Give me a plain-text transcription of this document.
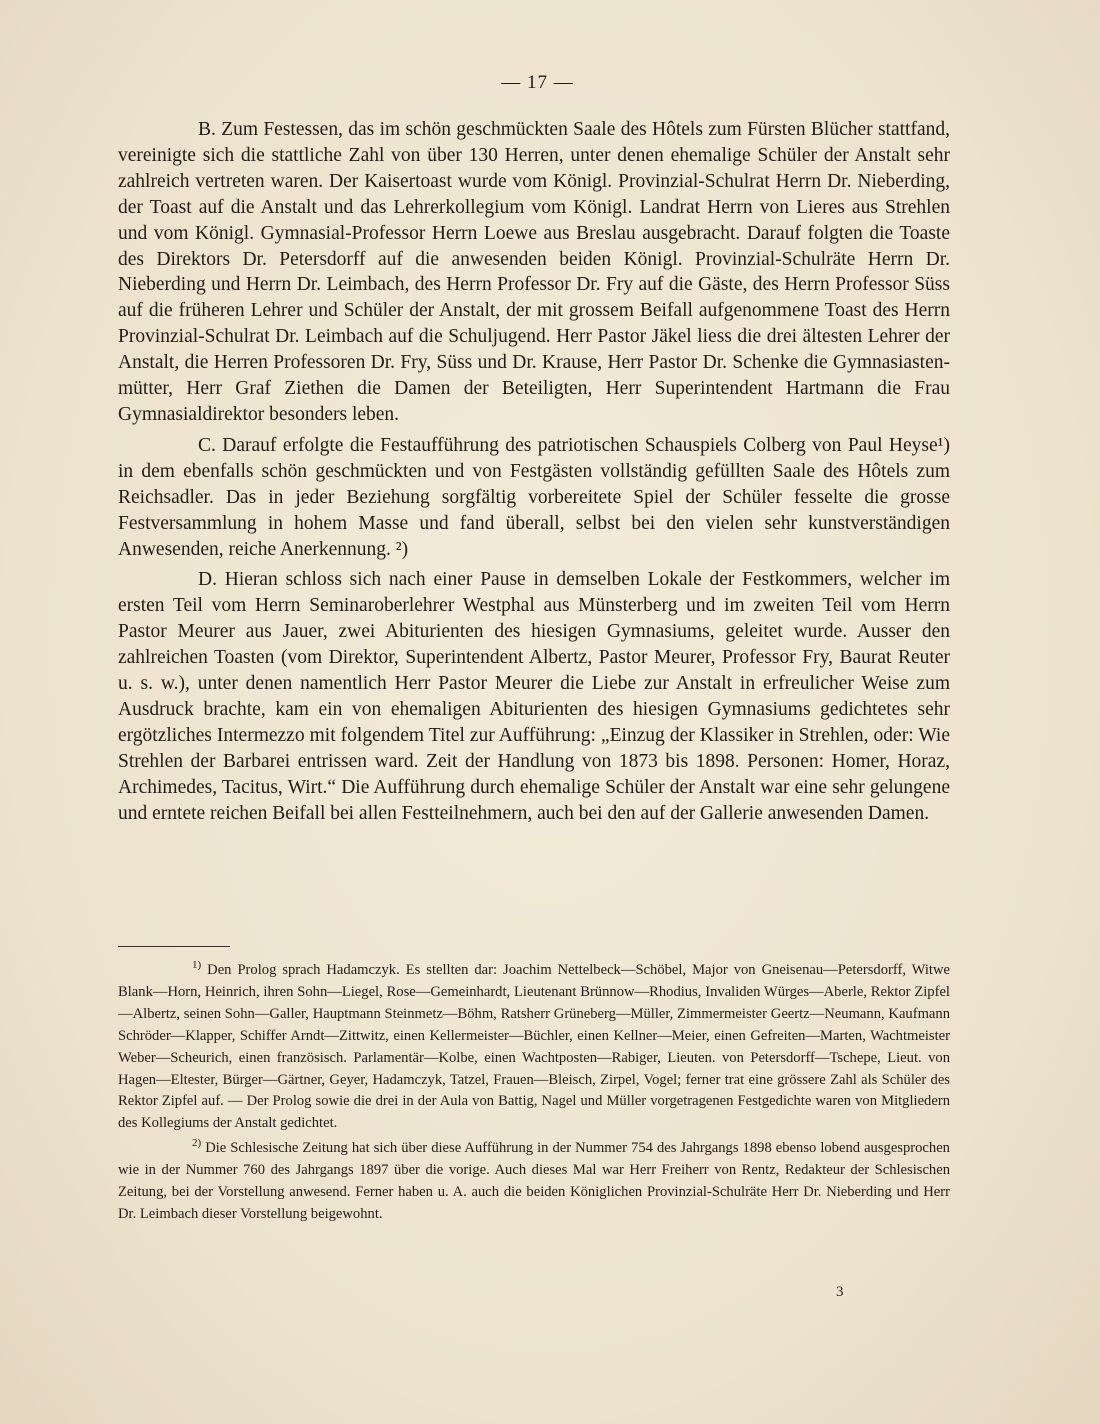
— 17 —

B. Zum Festessen, das im schön geschmückten Saale des Hôtels zum Fürsten Blücher stattfand, vereinigte sich die stattliche Zahl von über 130 Herren, unter denen ehemalige Schüler der Anstalt sehr zahlreich vertreten waren. Der Kaisertoast wurde vom Königl. Provinzial-Schulrat Herrn Dr. Nieberding, der Toast auf die Anstalt und das Lehrerkollegium vom Königl. Landrat Herrn von Lieres aus Strehlen und vom Königl. Gymnasial-Professor Herrn Loewe aus Breslau ausgebracht. Darauf folgten die Toaste des Direktors Dr. Petersdorff auf die anwesenden beiden Königl. Provinzial-Schulräte Herrn Dr. Nieberding und Herrn Dr. Leimbach, des Herrn Professor Dr. Fry auf die Gäste, des Herrn Professor Süss auf die früheren Lehrer und Schüler der Anstalt, der mit grossem Beifall aufgenommene Toast des Herrn Provinzial-Schulrat Dr. Leimbach auf die Schuljugend. Herr Pastor Jäkel liess die drei ältesten Lehrer der Anstalt, die Herren Professoren Dr. Fry, Süss und Dr. Krause, Herr Pastor Dr. Schenke die Gymnasiasten-mütter, Herr Graf Ziethen die Damen der Beteiligten, Herr Superintendent Hartmann die Frau Gymnasialdirektor besonders leben.

C. Darauf erfolgte die Festaufführung des patriotischen Schauspiels Colberg von Paul Heyse¹) in dem ebenfalls schön geschmückten und von Festgästen vollständig gefüllten Saale des Hôtels zum Reichsadler. Das in jeder Beziehung sorgfältig vorbereitete Spiel der Schüler fesselte die grosse Festversammlung in hohem Masse und fand überall, selbst bei den vielen sehr kunstverständigen Anwesenden, reiche Anerkennung. ²)

D. Hieran schloss sich nach einer Pause in demselben Lokale der Festkommers, welcher im ersten Teil vom Herrn Seminaroberlehrer Westphal aus Münsterberg und im zweiten Teil vom Herrn Pastor Meurer aus Jauer, zwei Abiturienten des hiesigen Gymnasiums, geleitet wurde. Ausser den zahlreichen Toasten (vom Direktor, Superintendent Albertz, Pastor Meurer, Professor Fry, Baurat Reuter u. s. w.), unter denen namentlich Herr Pastor Meurer die Liebe zur Anstalt in erfreulicher Weise zum Ausdruck brachte, kam ein von ehemaligen Abiturienten des hiesigen Gymnasiums gedichtetes sehr ergötzliches Intermezzo mit folgendem Titel zur Aufführung: „Einzug der Klassiker in Strehlen, oder: Wie Strehlen der Barbarei entrissen ward. Zeit der Handlung von 1873 bis 1898. Personen: Homer, Horaz, Archimedes, Tacitus, Wirt.“ Die Aufführung durch ehemalige Schüler der Anstalt war eine sehr gelungene und erntete reichen Beifall bei allen Festteilnehmern, auch bei den auf der Gallerie anwesenden Damen.

$^{1)}$ Den Prolog sprach Hadamczyk. Es stellten dar: Joachim Nettelbeck—Schöbel, Major von Gneisenau—Petersdorff, Witwe Blank—Horn, Heinrich, ihren Sohn—Liegel, Rose—Gemeinhardt, Lieutenant Brünnow—Rhodius, Invaliden Würges—Aberle, Rektor Zipfel—Albertz, seinen Sohn—Galler, Hauptmann Steinmetz—Böhm, Ratsherr Grüneberg—Müller, Zimmermeister Geertz—Neumann, Kaufmann Schröder—Klapper, Schiffer Arndt—Zittwitz, einen Kellermeister—Büchler, einen Kellner—Meier, einen Gefreiten—Marten, Wachtmeister Weber—Scheurich, einen französisch. Parlamentär—Kolbe, einen Wachtposten—Rabiger, Lieuten. von Petersdorff—Tschepe, Lieut. von Hagen—Eltester, Bürger—Gärtner, Geyer, Hadamczyk, Tatzel, Frauen—Bleisch, Zirpel, Vogel; ferner trat eine grössere Zahl als Schüler des Rektor Zipfel auf. — Der Prolog sowie die drei in der Aula von Battig, Nagel und Müller vorgetragenen Festgedichte waren von Mitgliedern des Kollegiums der Anstalt gedichtet.

$^{2)}$ Die Schlesische Zeitung hat sich über diese Aufführung in der Nummer 754 des Jahrgangs 1898 ebenso lobend ausgesprochen wie in der Nummer 760 des Jahrgangs 1897 über die vorige. Auch dieses Mal war Herr Freiherr von Rentz, Redakteur der Schlesischen Zeitung, bei der Vorstellung anwesend. Ferner haben u. A. auch die beiden Königlichen Provinzial-Schulräte Herr Dr. Nieberding und Herr Dr. Leimbach dieser Vorstellung beigewohnt.

3
